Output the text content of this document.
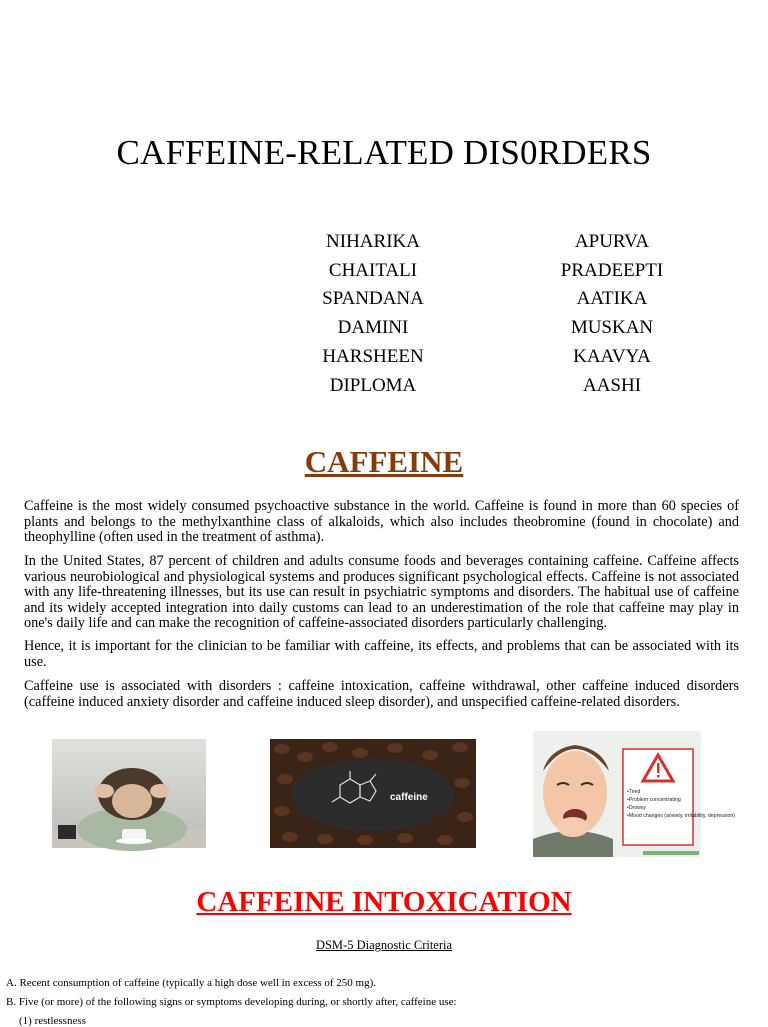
CAFFEINE-RELATED DIS0RDERS
NIHARIKA
CHAITALI
SPANDANA
DAMINI
HARSHEEN
DIPLOMA
APURVA
PRADEEPTI
AATIKA
MUSKAN
KAAVYA
AASHI
CAFFEINE
Caffeine is the most widely consumed psychoactive substance in the world. Caffeine is found in more than 60 species of plants and belongs to the methylxanthine class of alkaloids, which also includes theobromine (found in chocolate) and theophylline (often used in the treatment of asthma).
In the United States, 87 percent of children and adults consume foods and beverages containing caffeine. Caffeine affects various neurobiological and physiological systems and produces significant psychological effects. Caffeine is not associated with any life-threatening illnesses, but its use can result in psychiatric symptoms and disorders. The habitual use of caffeine and its widely accepted integration into daily customs can lead to an underestimation of the role that caffeine may play in one's daily life and can make the recognition of caffeine-associated disorders particularly challenging.
Hence, it is important for the clinician to be familiar with caffeine, its effects, and problems that can be associated with its use.
Caffeine use is associated with disorders : caffeine intoxication, caffeine withdrawal, other caffeine induced disorders (caffeine induced anxiety disorder and caffeine induced sleep disorder), and unspecified caffeine-related disorders.
caffeine	•Tired
•Problem concentrating
•Drowsy
•Mood changes (anxiety, irritability, depression)
CAFFEINE INTOXICATION
DSM-5 Diagnostic Criteria
A. Recent consumption of caffeine (typically a high dose well in excess of 250 mg).
B. Five (or more) of the following signs or symptoms developing during, or shortly after, caffeine use:
(1) restlessness
